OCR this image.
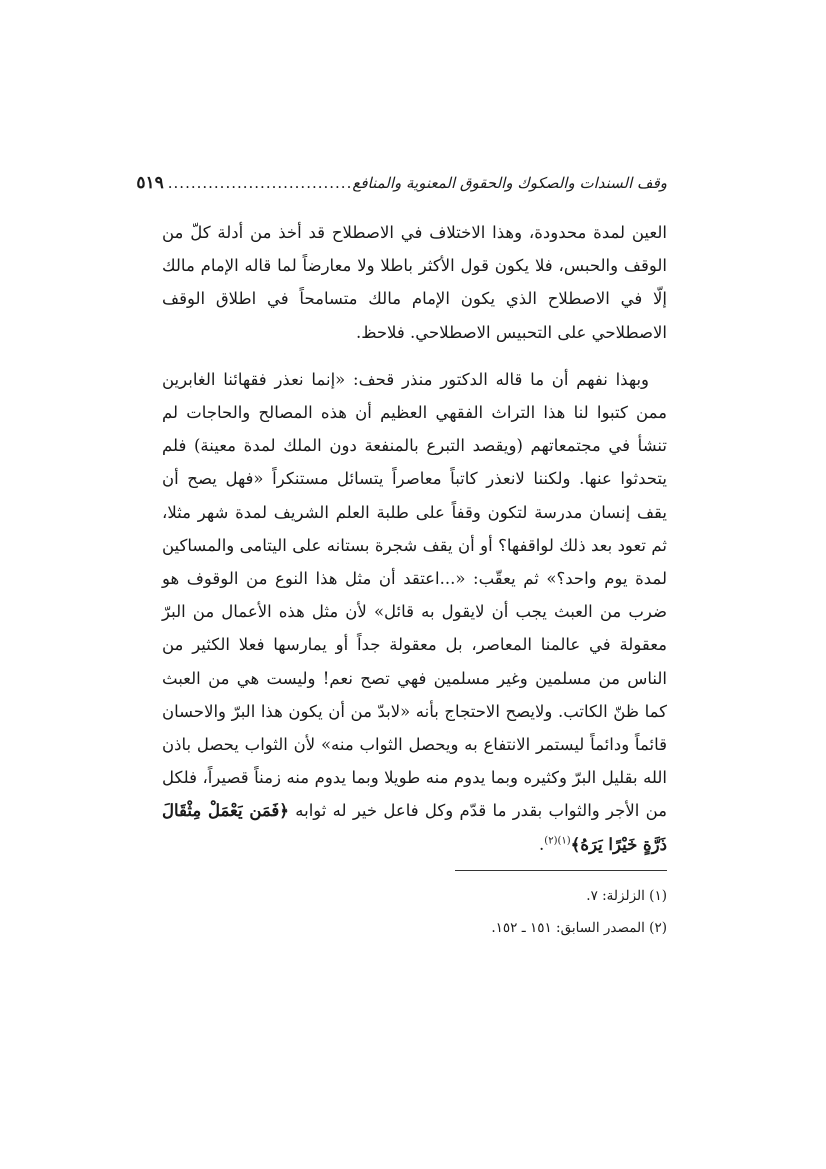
وقف السندات والصكوك والحقوق المعنوية والمنافع
................................
٥١٩

العين لمدة محدودة، وهذا الاختلاف في الاصطلاح قد أخذ من أدلة كلّ من الوقف والحبس، فلا يكون قول الأكثر باطلا ولا معارضاً لما قاله الإمام مالك إلّا في الاصطلاح الذي يكون الإمام مالك متسامحاً في اطلاق الوقف الاصطلاحي على التحبيس الاصطلاحي. فلاحظ.

وبهذا نفهم أن ما قاله الدكتور منذر قحف: «إنما نعذر فقهائنا الغابرين ممن كتبوا لنا هذا التراث الفقهي العظيم أن هذه المصالح والحاجات لم تنشأ في مجتمعاتهم (ويقصد التبرع بالمنفعة دون الملك لمدة معينة) فلم يتحدثوا عنها. ولكننا لانعذر كاتباً معاصراً يتسائل مستنكراً «فهل يصح أن يقف إنسان مدرسة لتكون وقفاً على طلبة العلم الشريف لمدة شهر مثلا، ثم تعود بعد ذلك لواقفها؟ أو أن يقف شجرة بستانه على اليتامى والمساكين لمدة يوم واحد؟» ثم يعقّب: «...اعتقد أن مثل هذا النوع من الوقوف هو ضرب من العبث يجب أن لايقول به قائل» لأن مثل هذه الأعمال من البرّ معقولة في عالمنا المعاصر، بل معقولة جداً أو يمارسها فعلا الكثير من الناس من مسلمين وغير مسلمين فهي تصح نعم! وليست هي من العبث كما ظنّ الكاتب. ولايصح الاحتجاج بأنه «لابدّ من أن يكون هذا البرّ والاحسان قائماً ودائماً ليستمر الانتفاع به ويحصل الثواب منه» لأن الثواب يحصل باذن الله بقليل البرّ وكثيره وبما يدوم منه طويلا وبما يدوم منه زمناً قصيراً، فلكل من الأجر والثواب بقدر ما قدّم وكل فاعل خير له ثوابه ﴿فَمَن يَعْمَلْ مِثْقَالَ ذَرَّةٍ خَيْرًا يَرَهُ﴾$^{(١)(٢)}$.

(١) الزلزلة: ٧.
(٢) المصدر السابق: ١٥١ ـ ١٥٢.
